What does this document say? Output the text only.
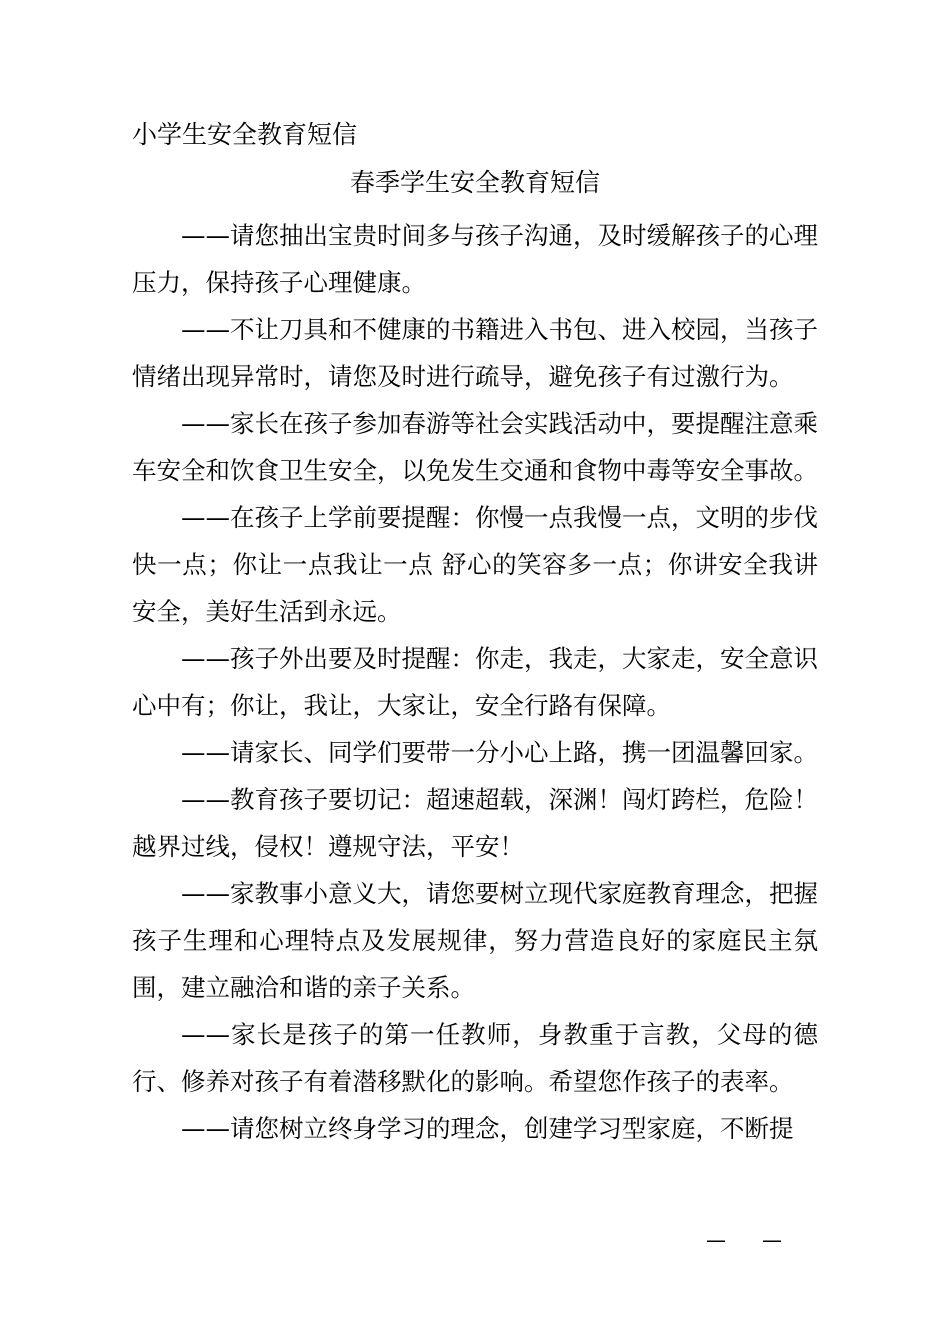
小学生安全教育短信
春季学生安全教育短信

——请您抽出宝贵时间多与孩子沟通，及时缓解孩子的心理压力，保持孩子心理健康。

——不让刀具和不健康的书籍进入书包、进入校园，当孩子情绪出现异常时，请您及时进行疏导，避免孩子有过激行为。

——家长在孩子参加春游等社会实践活动中，要提醒注意乘车安全和饮食卫生安全，以免发生交通和食物中毒等安全事故。

——在孩子上学前要提醒：你慢一点我慢一点，文明的步伐快一点；你让一点我让一点 舒心的笑容多一点；你讲安全我讲安全，美好生活到永远。

——孩子外出要及时提醒：你走，我走，大家走，安全意识心中有；你让，我让，大家让，安全行路有保障。

——请家长、同学们要带一分小心上路，携一团温馨回家。

——教育孩子要切记：超速超载，深渊！闯灯跨栏，危险！越界过线，侵权！遵规守法，平安！

——家教事小意义大，请您要树立现代家庭教育理念，把握孩子生理和心理特点及发展规律，努力营造良好的家庭民主氛围，建立融洽和谐的亲子关系。

——家长是孩子的第一任教师，身教重于言教，父母的德行、修养对孩子有着潜移默化的影响。希望您作孩子的表率。

——请您树立终身学习的理念，创建学习型家庭，不断提

— —
